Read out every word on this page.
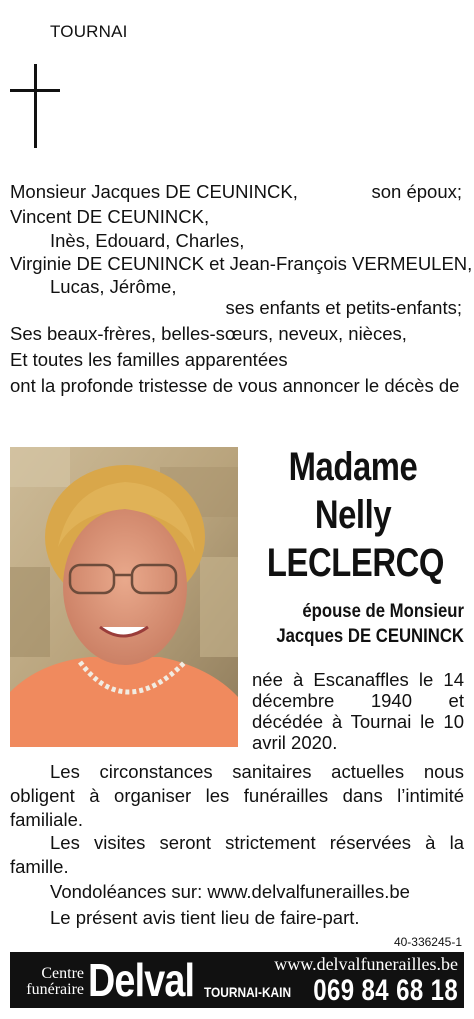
TOURNAI
Monsieur Jacques DE CEUNINCK,	son époux;
Vincent DE CEUNINCK,
Inès, Edouard, Charles,
Virginie DE CEUNINCK et Jean-François VERMEULEN,
Lucas, Jérôme,
ses enfants et petits-enfants;
Ses beaux-frères, belles-sœurs, neveux, nièces,
Et toutes les familles apparentées
ont la profonde tristesse de vous annoncer le décès de
Madame
Nelly
LECLERCQ
épouse de Monsieur
Jacques DE CEUNINCK
née à Escanaffles le 14 décembre 1940 et décédée à Tournai le 10 avril 2020.
Les circonstances sanitaires actuelles nous obligent à organiser les funérailles dans l’intimité familiale.
Les visites seront strictement réservées à la famille.
Vondoléances sur: www.delvalfunerailles.be
Le présent avis tient lieu de faire-part.
40-336245-1
Centre
funéraire Delval	www.delvalfunerailles.be
TOURNAI-KAIN 069 84 68 18
